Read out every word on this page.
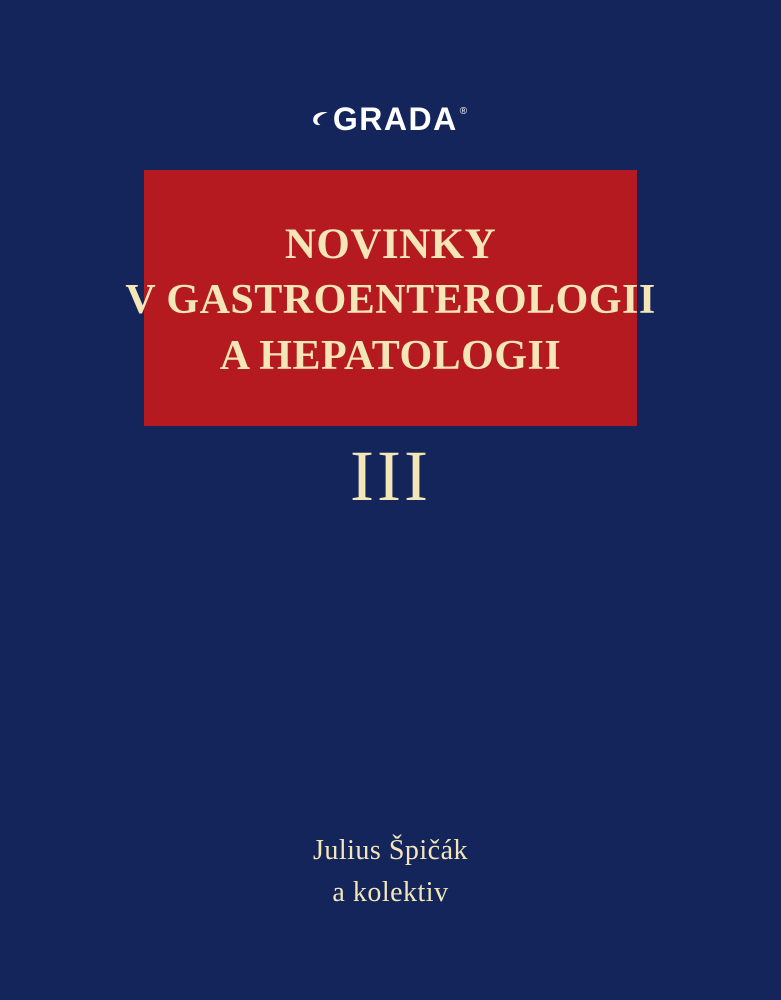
GRADA ®
NOVINKY
V GASTROENTEROLOGII
A HEPATOLOGII
III
Julius Špičák
a kolektiv
